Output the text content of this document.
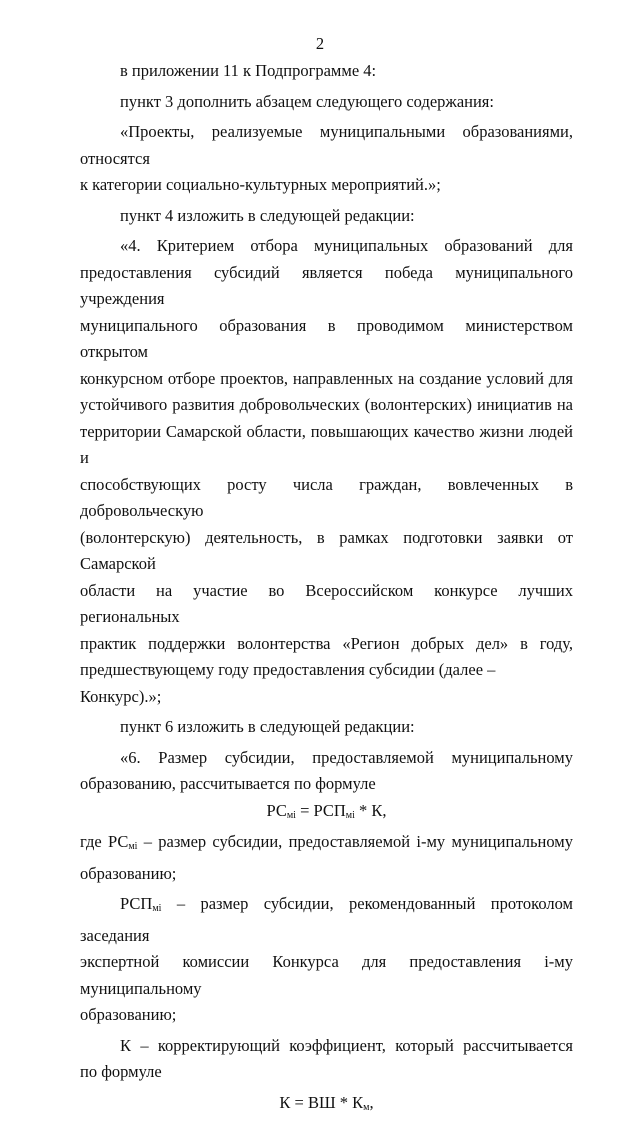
2

в приложении 11 к Подпрограмме 4:

пункт 3 дополнить абзацем следующего содержания:

«Проекты, реализуемые муниципальными образованиями, относятся

к категории социально-культурных мероприятий.»;

пункт 4 изложить в следующей редакции:

«4. Критерием отбора муниципальных образований для

предоставления субсидий является победа муниципального учреждения

муниципального образования в проводимом министерством открытом

конкурсном отборе проектов, направленных на создание условий для

устойчивого развития добровольческих (волонтерских) инициатив на

территории Самарской области, повышающих качество жизни людей и

способствующих росту числа граждан, вовлеченных в добровольческую

(волонтерскую) деятельность, в рамках подготовки заявки от Самарской

области на участие во Всероссийском конкурсе лучших региональных

практик поддержки волонтерства «Регион добрых дел» в году,

предшествующему году предоставления субсидии (далее – Конкурс).»;

пункт 6 изложить в следующей редакции:

«6. Размер субсидии, предоставляемой муниципальному

образованию, рассчитывается по формуле

$РС_{мi} = РСП_{мi} * К$,

где $РС_{мi}$ – размер субсидии, предоставляемой i-му муниципальному

образованию;

$РСП_{мi}$ – размер субсидии, рекомендованный протоколом заседания

экспертной комиссии Конкурса для предоставления i-му муниципальному

образованию;

К – корректирующий коэффициент, который рассчитывается

по формуле

К = ВШ * $К_м$,
